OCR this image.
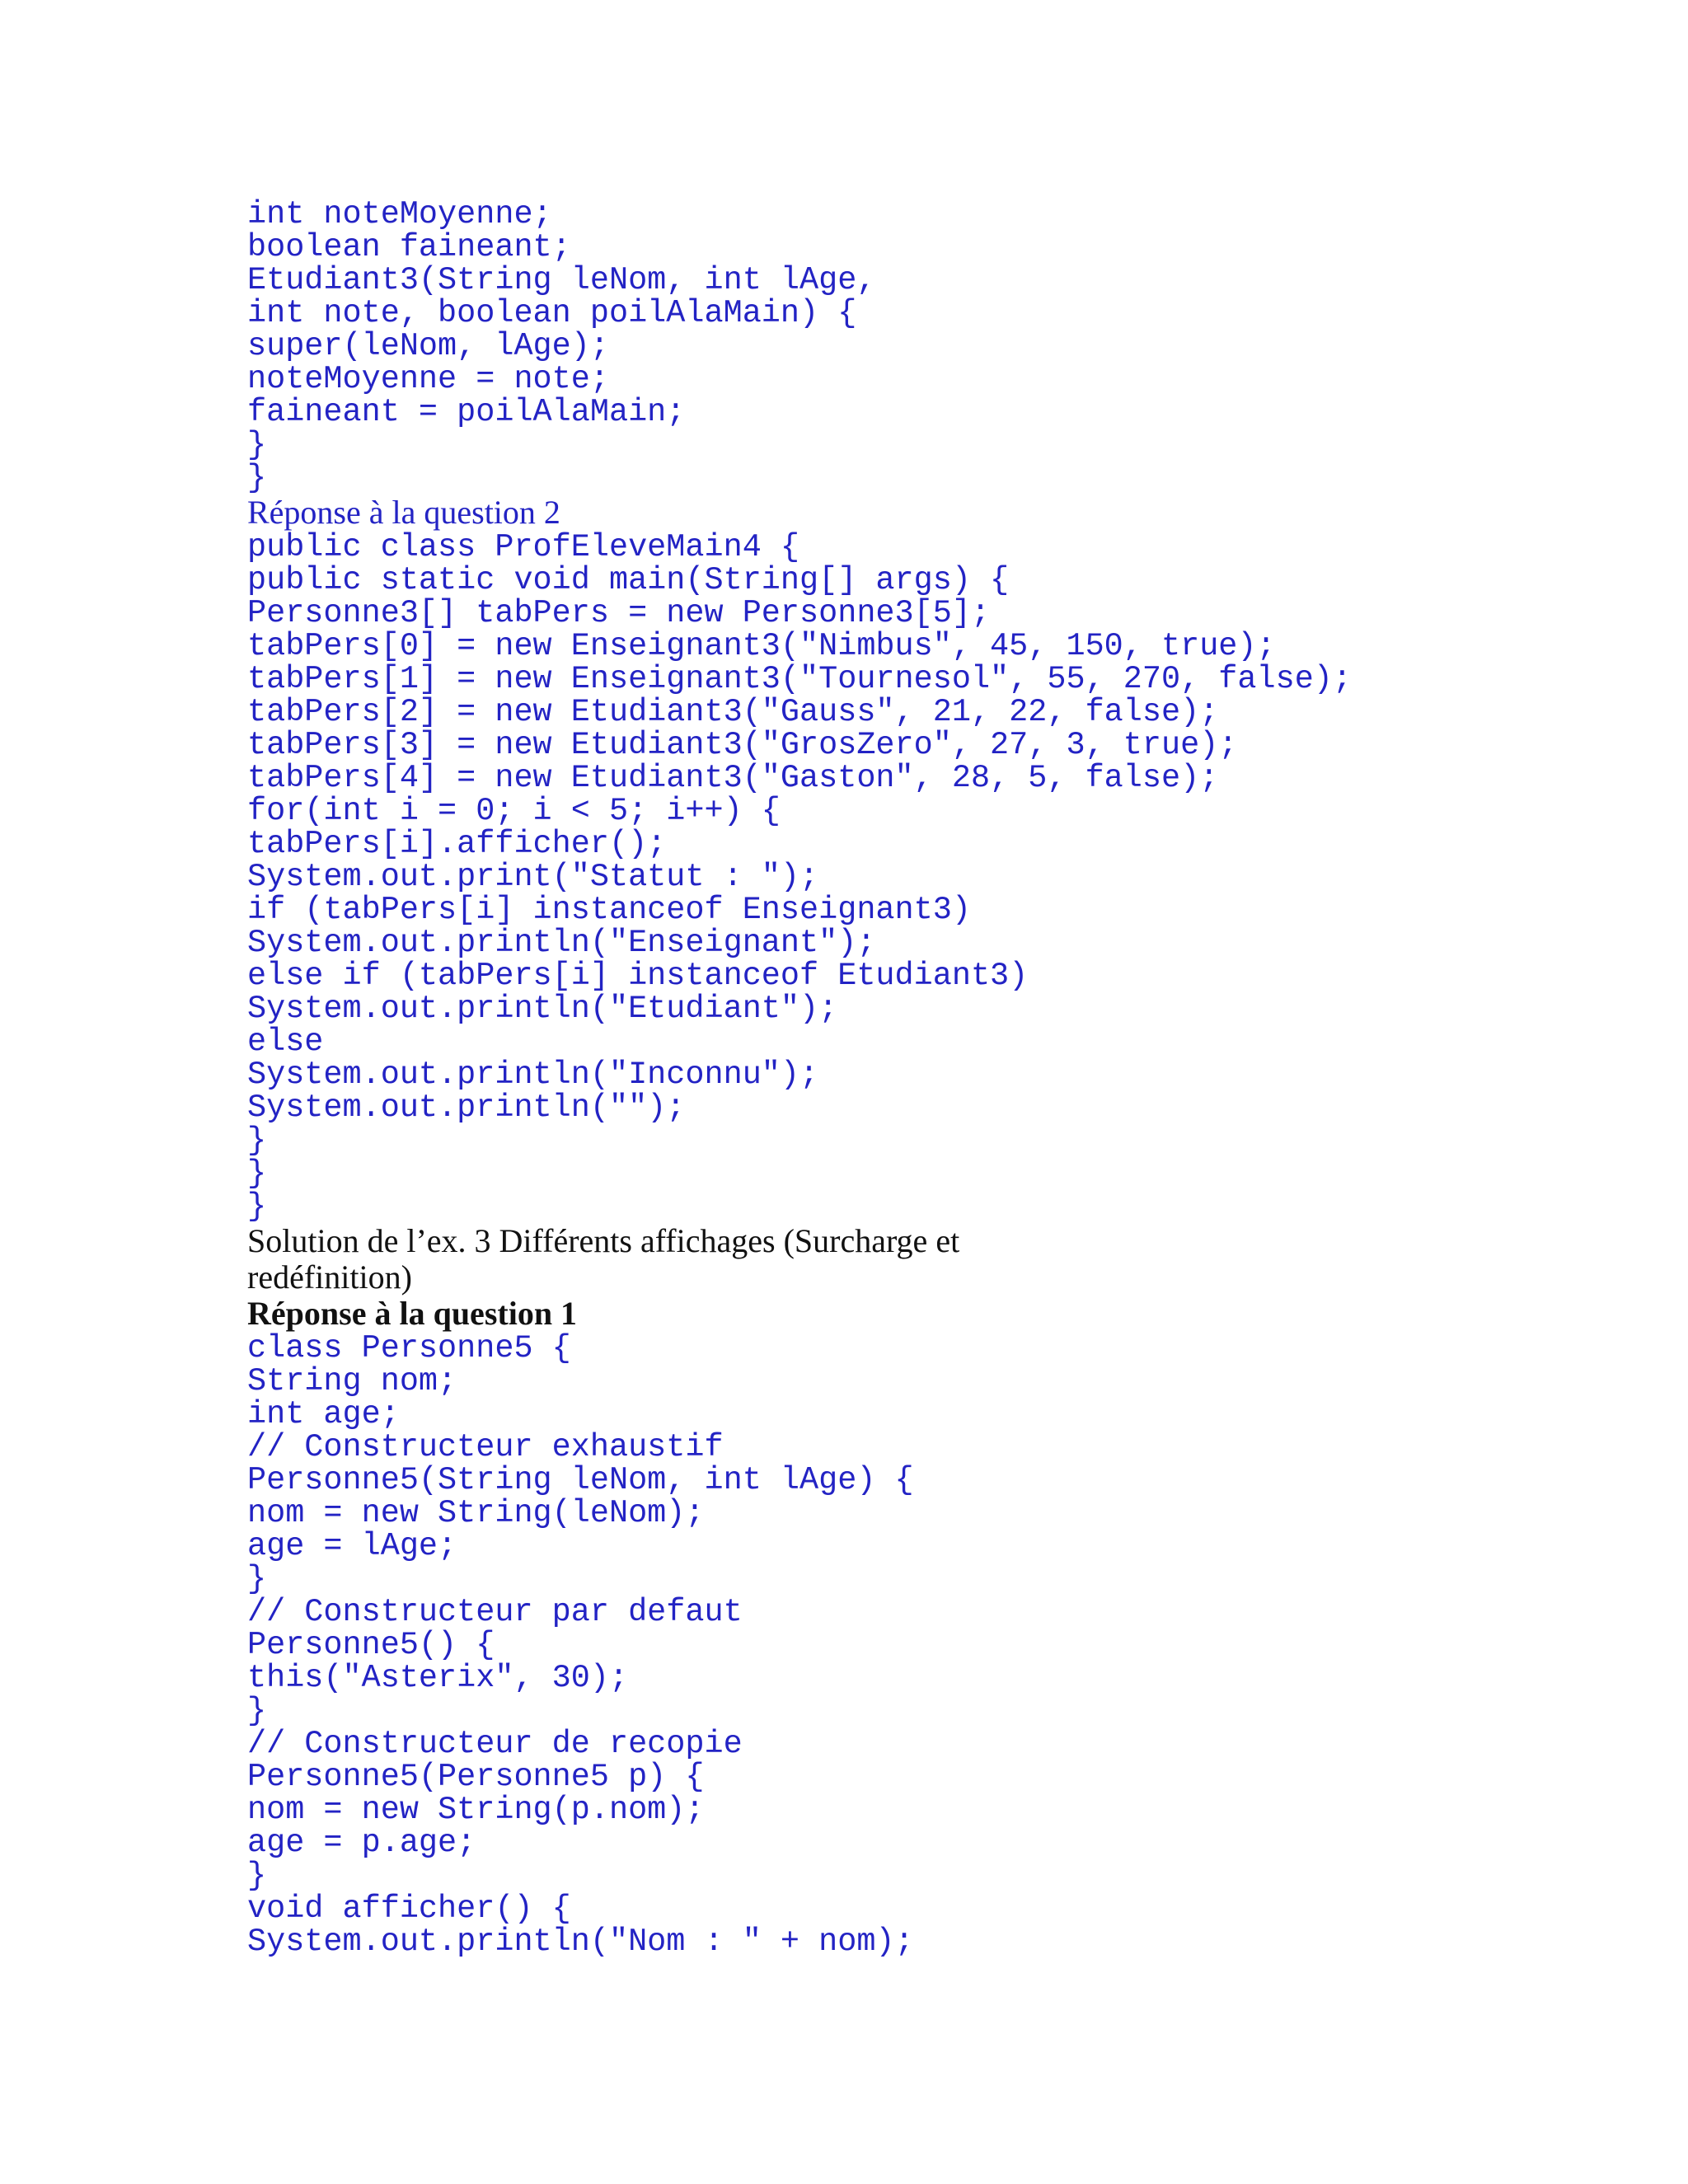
int noteMoyenne;
boolean faineant;
Etudiant3(String leNom, int lAge,
int note, boolean poilAlaMain) {
super(leNom, lAge);
noteMoyenne = note;
faineant = poilAlaMain;
}
}
Réponse à la question 2
public class ProfEleveMain4 {
public static void main(String[] args) {
Personne3[] tabPers = new Personne3[5];
tabPers[0] = new Enseignant3("Nimbus", 45, 150, true);
tabPers[1] = new Enseignant3("Tournesol", 55, 270, false);
tabPers[2] = new Etudiant3("Gauss", 21, 22, false);
tabPers[3] = new Etudiant3("GrosZero", 27, 3, true);
tabPers[4] = new Etudiant3("Gaston", 28, 5, false);
for(int i = 0; i < 5; i++) {
tabPers[i].afficher();
System.out.print("Statut : ");
if (tabPers[i] instanceof Enseignant3)
System.out.println("Enseignant");
else if (tabPers[i] instanceof Etudiant3)
System.out.println("Etudiant");
else
System.out.println("Inconnu");
System.out.println("");
}
}
}
Solution de l’ex. 3 Différents affichages (Surcharge et
redéfinition)
Réponse à la question 1
class Personne5 {
String nom;
int age;
// Constructeur exhaustif
Personne5(String leNom, int lAge) {
nom = new String(leNom);
age = lAge;
}
// Constructeur par defaut
Personne5() {
this("Asterix", 30);
}
// Constructeur de recopie
Personne5(Personne5 p) {
nom = new String(p.nom);
age = p.age;
}
void afficher() {
System.out.println("Nom : " + nom);
